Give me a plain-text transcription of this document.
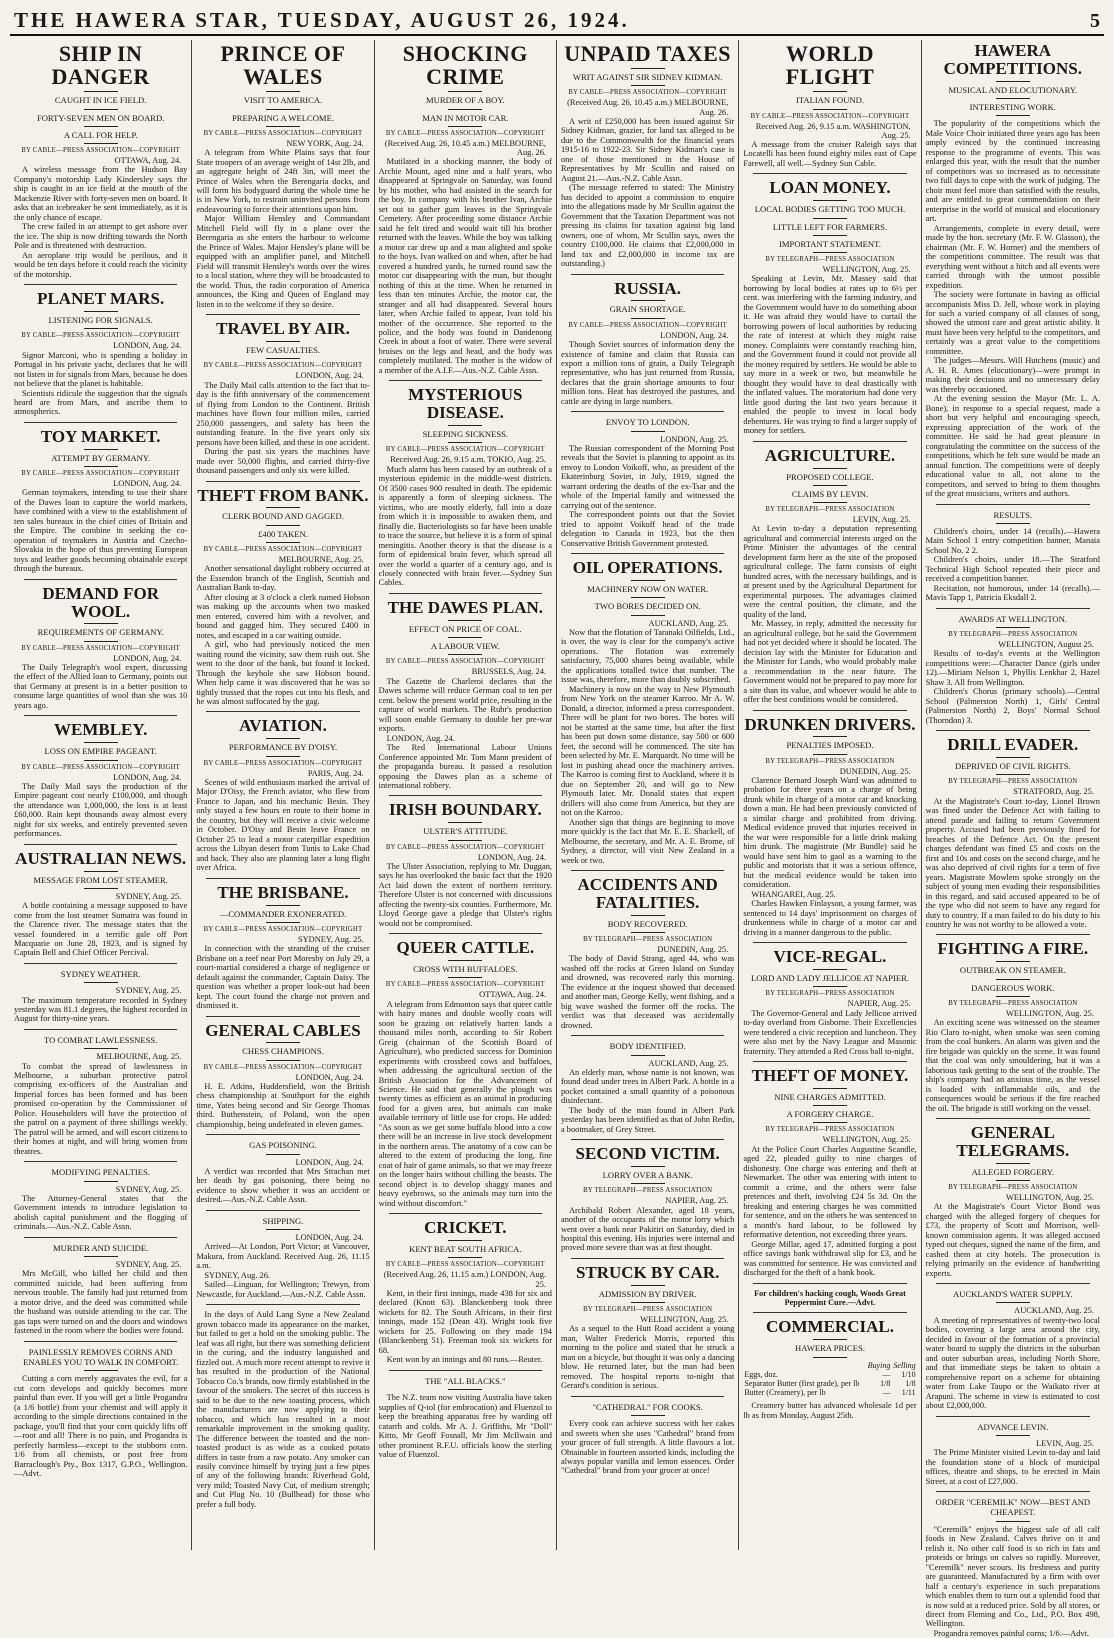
THE HAWERA STAR, TUESDAY, AUGUST 26, 1924.	5
SHIP IN DANGER
CAUGHT IN ICE FIELD.
FORTY-SEVEN MEN ON BOARD.
A CALL FOR HELP.
BY CABLE—PRESS ASSOCIATION—COPYRIGHT
OTTAWA, Aug. 24.

A wireless message from the Hudson Bay Company's motorship Lady Kindersley says the ship is caught in an ice field at the mouth of the Mackenzie River with forty-seven men on board. It asks that an icebreaker be sent immediately, as it is the only chance of escape.

The crew failed in an attempt to get ashore over the ice. The ship is now drifting towards the North Pole and is threatened with destruction.

An aeroplane trip would be perilous, and it would be ten days before it could reach the vicinity of the motorship.

PLANET MARS.
LISTENING FOR SIGNALS.
BY CABLE—PRESS ASSOCIATION—COPYRIGHT
LONDON, Aug. 24.

Signor Marconi, who is spending a holiday in Portugal in his private yacht, declares that he will not listen in for signals from Mars, because he does not believe that the planet is habitable.

Scientists ridicule the suggestion that the signals heard are from Mars, and ascribe them to atmospherics.

TOY MARKET.
ATTEMPT BY GERMANY.
BY CABLE—PRESS ASSOCIATION—COPYRIGHT
LONDON, Aug. 24.

German toymakers, intending to use their share of the Dawes loan to capture the world markets, have combined with a view to the establishment of ten sales bureaux in the chief cities of Britain and the Empire. The combine in seeking the co-operation of toymakers in Austria and Czecho-Slovakia in the hope of thus preventing European toys and leather goods becoming obtainable except through the bureaux.

DEMAND FOR WOOL.
REQUIREMENTS OF GERMANY.
BY CABLE—PRESS ASSOCIATION—COPYRIGHT
LONDON, Aug. 24.

The Daily Telegraph's wool expert, discussing the effect of the Allied loan to Germany, points out that Germany at present is in a better position to consume large quantities of wool than she was 10 years ago.

WEMBLEY.
LOSS ON EMPIRE PAGEANT.
BY CABLE—PRESS ASSOCIATION—COPYRIGHT
LONDON, Aug. 24.

The Daily Mail says the production of the Empire pageant cost nearly £100,000, and though the attendance was 1,000,000, the loss is at least £60,000. Rain kept thousands away almost every night for six weeks, and entirely prevented seven performances.

AUSTRALIAN NEWS.
MESSAGE FROM LOST STEAMER.
SYDNEY, Aug. 25.

A bottle containing a message supposed to have come from the lost steamer Sumatra was found in the Clarence river. The message states that the vessel foundered in a terrific gale off Port Macquarie on June 28, 1923, and is signed by Captain Bell and Chief Officer Percival.

SYDNEY WEATHER.
SYDNEY, Aug. 25.

The maximum temperature recorded in Sydney yesterday was 81.1 degrees, the highest recorded in August for thirty-nine years.

TO COMBAT LAWLESSNESS.
MELBOURNE, Aug. 25.

To combat the spread of lawlessness in Melbourne, a suburban protective patrol comprising ex-officers of the Australian and Imperial forces has been formed and has been promised co-operation by the Commissioner of Police. Householders will have the protection of the patrol on a payment of three shillings weekly. The patrol will be armed, and will escort citizens to their homes at night, and will bring women from theatres.

MODIFYING PENALTIES.
SYDNEY, Aug. 25.

The Attorney-General states that the Government intends to introduce legislation to abolish capital punishment and the flogging of criminals.—Aus.-N.Z. Cable Assn.

MURDER AND SUICIDE.
SYDNEY, Aug. 25.

Mrs McGill, who killed her child and then committed suicide, had been suffering from nervous trouble. The family had just returned from a motor drive, and the deed was committed while the husband was outside attending to the car. The gas taps were turned on and the doors and windows fastened in the room where the bodies were found.

PAINLESSLY REMOVES CORNS AND ENABLES YOU TO WALK IN COMFORT.

Cutting a corn merely aggravates the evil, for a cut corn develops and quickly becomes more painful than ever. If you will get a little Progandra (a 1/6 bottle) from your chemist and will apply it according to the simple directions contained in the package, you'll find that your corn quickly lifts off—root and all! There is no pain, and Progandra is perfectly harmless—except to the stubborn corn. 1/6 from all chemists, or post free from Barraclough's Pty., Box 1317, G.P.O., Wellington.—Advt.

PRINCE OF WALES
VISIT TO AMERICA.
PREPARING A WELCOME.
BY CABLE—PRESS ASSOCIATION—COPYRIGHT
NEW YORK, Aug. 24.

A telegram from White Plains says that four State troopers of an average weight of 14st 2lb, and an aggregate height of 24ft 3in, will meet the Prince of Wales when the Berengaria docks, and will form his bodyguard during the whole time he is in New York, to restrain uninvited persons from endeavouring to force their attentions upon him.

Major William Hensley and Commandant Mitchell Field will fly in a plane over the Berengaria as she enters the harbour to welcome the Prince of Wales. Major Hensley's plane will be equipped with an amplifier panel, and Mitchell Field will transmit Hensley's words over the wires to a local station, where they will be broadcasted to the world. Thus, the radio corporation of America announces, the King and Queen of England may listen in to the welcome if they so desire.

TRAVEL BY AIR.
FEW CASUALTIES.
BY CABLE—PRESS ASSOCIATION—COPYRIGHT
LONDON, Aug. 24.

The Daily Mail calls attention to the fact that to-day is the fifth anniversary of the commencement of flying from London to the Continent. British machines have flown four million miles, carried 250,000 passengers, and safety has been the outstanding feature. In the five years only six persons have been killed, and these in one accident.

During the past six years the machines have made over 50,000 flights, and carried thirty-five thousand passengers and only six were killed.

THEFT FROM BANK.
CLERK BOUND AND GAGGED.
£400 TAKEN.
BY CABLE—PRESS ASSOCIATION—COPYRIGHT
MELBOURNE, Aug. 25.

Another sensational daylight robbery occurred at the Essendon branch of the English, Scottish and Australian Bank to-day.

After closing at 3 o'clock a clerk named Hobson was making up the accounts when two masked men entered, covered him with a revolver, and bound and gagged him. They secured £400 in notes, and escaped in a car waiting outside.

A girl, who had previously noticed the men waiting round the vicinity, saw them rush out. She went to the door of the bank, but found it locked. Through the keyhole she saw Hobson bound. When help came it was discovered that he was so tightly trussed that the ropes cut into his flesh, and he was almost suffocated by the gag.

AVIATION.
PERFORMANCE BY D'OISY.
BY CABLE—PRESS ASSOCIATION—COPYRIGHT
PARIS, Aug. 24.

Scenes of wild enthusiasm marked the arrival of Major D'Oisy, the French aviator, who flew from France to Japan, and his mechanic Besin. They only stayed a few hours en route to their home in the country, but they will receive a civic welcome in October. D'Oisy and Besin leave France on October 25 to lead a motor caterpillar expedition across the Libyan desert from Tunis to Lake Chad and back. They also are planning later a long flight over Africa.

THE BRISBANE.
—COMMANDER EXONERATED.
BY CABLE—PRESS ASSOCIATION—COPYRIGHT
SYDNEY, Aug. 25.

In connection with the stranding of the cruiser Brisbane on a reef near Port Moresby on July 29, a court-martial considered a charge of negligence or default against the commander, Captain Daisy. The question was whether a proper look-out had been kept. The court found the charge not proven and dismissed it.

GENERAL CABLES
CHESS CHAMPIONS.
BY CABLE—PRESS ASSOCIATION—COPYRIGHT
LONDON, Aug. 24.

H. E. Atkins, Huddersfield, won the British chess championship at Southport for the eighth time, Yates being second and Sir George Thomas third. Buthenstein, of Poland, won the open championship, being undefeated in eleven games.

GAS POISONING.
LONDON, Aug. 24.

A verdict was recorded that Mrs Strachan met her death by gas poisoning, there being no evidence to show whether it was an accident or desired.—Aus.-N.Z. Cable Assn.

SHIPPING.
LONDON, Aug. 24.

Arrived—At London, Port Victor; at Vancouver, Makura, from Auckland. Received Aug. 26, 11.15 a.m.

SYDNEY, Aug. 26.

Sailed—Linguan, for Wellington; Trewyn, from Newcastle, for Auckland.—Aus.-N.Z. Cable Assn.

In the days of Auld Lang Syne a New Zealand grown tobacco made its appearance on the market, but failed to get a hold on the smoking public. The leaf was all right, but there was something deficient in the curing, and the industry languished and fizzled out. A much more recent attempt to revive it has resulted in the production of the National Tobacco Co.'s brands, now firmly established in the favour of the smokers. The secret of this success is said to be due to the new toasting process, which the manufacturers are now applying to their tobacco, and which has resulted in a most remarkable improvement in the smoking quality. The difference between the toasted and the non-toasted product is as wide as a cooked potato differs in taste from a raw potato. Any smoker can easily convince himself by trying just a few pipes of any of the following brands: Riverhead Gold, very mild; Toasted Navy Cut, of medium strength; and Cut Plug No. 10 (Bullhead) for those who prefer a full body.

SHOCKING CRIME
MURDER OF A BOY.
MAN IN MOTOR CAR.
BY CABLE—PRESS ASSOCIATION—COPYRIGHT
(Received Aug. 26, 10.45 a.m.) MELBOURNE, Aug. 26.

Mutilated in a shocking manner, the body of Archie Mount, aged nine and a half years, who disappeared at Springvale on Saturday, was found by his mother, who had assisted in the search for the boy. In company with his brother Ivan, Archie set out to gather gum leaves in the Springvale Cemetery. After proceeding some distance Archie said he felt tired and would wait till his brother returned with the leaves. While the boy was talking a motor car drew up and a man alighted and spoke to the boys. Ivan walked on and when, after he had covered a hundred yards, he turned round saw the motor car disappearing with the man, but thought nothing of this at the time. When he returned in less than ten minutes Archie, the motor car, the stranger and all had disappeared. Several hours later, when Archie failed to appear, Ivan told his mother of the occurrence. She reported to the police, and the body was found in Dandenong Creek in about a foot of water. There were several bruises on the legs and head, and the body was completely mutilated. The mother is the widow of a member of the A.I.F.—Aus.-N.Z. Cable Assn.

MYSTERIOUS DISEASE.
SLEEPING SICKNESS.
BY CABLE—PRESS ASSOCIATION—COPYRIGHT
Received Aug. 26, 9.15 a.m. TOKIO, Aug. 25.

Much alarm has been caused by an outbreak of a mysterious epidemic in the middle-west districts. Of 3500 cases 900 resulted in death. The epidemic is apparently a form of sleeping sickness. The victims, who are mostly elderly, fall into a doze from which it is impossible to awaken them, and finally die. Bacteriologists so far have been unable to trace the source, but believe it is a form of spinal meningitis. Another theory is that the disease is a form of epidemical brain fever, which spread all over the world a quarter of a century ago, and is closely connected with brain fever.—Sydney Sun Cables.

THE DAWES PLAN.
EFFECT ON PRICE OF COAL.
A LABOUR VIEW.
BY CABLE—PRESS ASSOCIATION—COPYRIGHT
BRUSSELS, Aug. 24.

The Gazette de Charleroi declares that the Dawes scheme will reduce German coal to ten per cent. below the present world price, resulting in the capture of world markets. The Ruhr's production will soon enable Germany to double her pre-war exports.

LONDON, Aug. 24.

The Red International Labour Unions Conference appointed Mr. Tom Mann president of the propaganda bureau. It passed a resolution opposing the Dawes plan as a scheme of international robbery.

IRISH BOUNDARY.
ULSTER'S ATTITUDE.
BY CABLE—PRESS ASSOCIATION—COPYRIGHT
LONDON, Aug. 24.

The Ulster Association, replying to Mr. Duggan, says he has overlooked the basic fact that the 1920 Act laid down the extent of northern territory. Therefore Ulster is not concerned with discussions affecting the twenty-six counties. Furthermore, Mr. Lloyd George gave a pledge that Ulster's rights would not be compromised.

QUEER CATTLE.
CROSS WITH BUFFALOES.
BY CABLE—PRESS ASSOCIATION—COPYRIGHT
OTTAWA, Aug. 24.

A telegram from Edmonton says that queer cattle with hairy manes and double woolly coats will soon be grazing on relatively barren lands a thousand miles north, according to Sir Robert Greig (chairman of the Scottish Board of Agriculture), who predicted success for Dominion experiments with crossbred cows and buffaloes, when addressing the agricultural section of the British Association for the Advancement of Science. He said that generally the plough was twenty times as efficient as an animal in producing food for a given area, but animals can make available territory of little use for crops. He added: "As soon as we get some buffalo blood into a cow there will be an increase in live stock development in the northern areas. The anatomy of a cow can be altered to the extent of producing the long, fine coat of hair of game animals, so that we may freeze on the longer hairs without chilling the beasts. The second object is to develop shaggy manes and heavy eyebrows, so the animals may turn into the wind without discomfort."

CRICKET.
KENT BEAT SOUTH AFRICA.
BY CABLE—PRESS ASSOCIATION—COPYRIGHT
(Received Aug. 26, 11.15 a.m.) LONDON, Aug. 25.

Kent, in their first innings, made 438 for six and declared (Knott 63). Blanckenberg took three wickets for 82. The South Africans, in their first innings, made 152 (Dean 43). Wright took five wickets for 25. Following on they made 194 (Blanckenberg 51). Freeman took six wickets for 68.

Kent won by an innings and 80 runs.—Reuter.

THE "ALL BLACKS."

The N.Z. team now visiting Australia have taken supplies of Q-tol (for embrocation) and Fluenzol to keep the breathing apparatus free by warding off catarrh and colds. Mr A. J. Griffiths, Mr "Doll" Kitto, Mr Geoff Fosnall, Mr Jim McIlwain and other prominent R.F.U. officials know the sterling value of Fluenzol.

UNPAID TAXES
WRIT AGAINST SIR SIDNEY KIDMAN.
BY CABLE—PRESS ASSOCIATION—COPYRIGHT
(Received Aug. 26, 10.45 a.m.) MELBOURNE, Aug. 26.

A writ of £250,000 has been issued against Sir Sidney Kidman, grazier, for land tax alleged to be due to the Commonwealth for the financial years 1915-16 to 1922-23. Sir Sidney Kidman's case is one of those mentioned in the House of Representatives by Mr Scullin and raised on August 21.—Aus.-N.Z. Cable Assn.

(The message referred to stated: The Ministry has decided to appoint a commission to enquire into the allegations made by Mr Scullin against the Government that the Taxation Department was not pressing its claims for taxation against big land owners, one of whom, Mr Scullin says, owes the country £100,000. He claims that £2,000,000 in land tax and £2,000,000 in income tax are outstanding.)

RUSSIA.
GRAIN SHORTAGE.
BY CABLE—PRESS ASSOCIATION—COPYRIGHT
LONDON, Aug. 24.

Though Soviet sources of information deny the existence of famine and claim that Russia can export a million tons of grain, a Daily Telegraph representative, who has just returned from Russia, declares that the grain shortage amounts to four million tons. Heat has destroyed the pastures, and cattle are dying in large numbers.

ENVOY TO LONDON.
LONDON, Aug. 25.

The Russian correspondent of the Morning Post reveals that the Soviet is planning to appoint as its envoy to London Voikoff, who, as president of the Ekaterinburg Soviet, in July, 1919, signed the warrant ordering the deaths of the ex-Tsar and the whole of the Imperial family and witnessed the carrying out of the sentence.

The correspondent points out that the Soviet tried to appoint Voikoff head of the trade delegation to Canada in 1923, but the then Conservative British Government protested.

OIL OPERATIONS.
MACHINERY NOW ON WATER.
TWO BORES DECIDED ON.
AUCKLAND, Aug. 25.

Now that the flotation of Taranaki Oilfields, Ltd., is over, the way is clear for the company's active operations. The flotation was extremely satisfactory, 75,000 shares being available, while the applications totalled twice that number. The issue was, therefore, more than doubly subscribed.

Machinery is now on the way to New Plymouth from New York on the steamer Karroo. Mr A. W. Donald, a director, informed a press correspondent. There will be plant for two bores. The bores will not be started at the same time, but after the first has been put down some distance, say 500 or 600 feet, the second will be commenced. The site has been selected by Mr. E. Marquardt. No time will be lost in pushing ahead once the machinery arrives. The Karroo is coming first to Auckland, where it is due on September 20, and will go to New Plymouth later. Mr. Donald states that expert drillers will also come from America, but they are not on the Karroo.

Another sign that things are beginning to move more quickly is the fact that Mr. E. E. Shackell, of Melbourne, the secretary, and Mr. A. E. Brome, of Sydney, a director, will visit New Zealand in a week or two.

ACCIDENTS AND FATALITIES.
BODY RECOVERED.
BY TELEGRAPH—PRESS ASSOCIATION
DUNEDIN, Aug. 25.

The body of David Strang, aged 44, who was washed off the rocks at Green Island on Sunday and drowned, was recovered early this morning. The evidence at the inquest showed that deceased and another man, George Kelly, went fishing, and a big wave washed the former off the rocks. The verdict was that deceased was accidentally drowned.

BODY IDENTIFIED.
AUCKLAND, Aug. 25.

An elderly man, whose name is not known, was found dead under trees in Albert Park. A bottle in a pocket contained a small quantity of a poisonous disinfectant.

The body of the man found in Albert Park yesterday has been identified as that of John Redin, a bootmaker, of Grey Street.

SECOND VICTIM.
LORRY OVER A BANK.
BY TELEGRAPH—PRESS ASSOCIATION
NAPIER, Aug. 25.

Archibald Robert Alexander, aged 18 years, another of the occupants of the motor lorry which went over a bank near Pakitiri on Saturday, died in hospital this evening. His injuries were internal and proved more severe than was at first thought.

STRUCK BY CAR.
ADMISSION BY DRIVER.
BY TELEGRAPH—PRESS ASSOCIATION
WELLINGTON, Aug. 25.

As a sequel to the Hutt Road accident a young man, Walter Frederick Morris, reported this morning to the police and stated that he struck a man on a bicycle, but thought it was only a dancing blow. He returned later, but the man had been removed. The hospital reports to-night that Gerard's condition is serious.

"CATHEDRAL" FOR COOKS.

Every cook can achieve success with her cakes and sweets when she uses "Cathedral" brand from your grocer of full strength. A little flavours a lot. Obtainable in fourteen assorted kinds, including the always popular vanilla and lemon essences. Order "Cathedral" brand from your grocer at once!

WORLD FLIGHT
ITALIAN FOUND.
BY CABLE—PRESS ASSOCIATION—COPYRIGHT
Received Aug. 26, 9.15 a.m. WASHINGTON, Aug. 25.

A message from the cruiser Raleigh says that Locatelli has been found eighty miles east of Cape Farewell, all well.—Sydney Sun Cable.

LOAN MONEY.
LOCAL BODIES GETTING TOO MUCH.
LITTLE LEFT FOR FARMERS.
IMPORTANT STATEMENT.
BY TELEGRAPH—PRESS ASSOCIATION
WELLINGTON, Aug. 25.

Speaking at Levin, Mr. Massey said that borrowing by local bodies at rates up to 6½ per cent. was interfering with the farming industry, and the Government would have to do something about it. He was afraid they would have to curtail the borrowing powers of local authorities by reducing the rate of interest at which they might raise money. Complaints were constantly reaching him, and the Government found it could not provide all the money required by settlers. He would be able to say more in a week or two, but meanwhile he thought they would have to deal drastically with the inflated values. The moratorium had done very little good during the last two years because it enabled the people to invest in local body debentures. He was trying to find a larger supply of money for settlers.

AGRICULTURE.
PROPOSED COLLEGE.
CLAIMS BY LEVIN.
BY TELEGRAPH—PRESS ASSOCIATION
LEVIN, Aug. 25.

At Levin to-day a deputation representing agricultural and commercial interests urged on the Prime Minister the advantages of the central development farm here as the site of the proposed agricultural college. The farm consists of eight hundred acres, with the necessary buildings, and is at present used by the Agricultural Department for experimental purposes. The advantages claimed were the central position, the climate, and the quality of the land.

Mr. Massey, in reply, admitted the necessity for an agricultural college, but he said the Government had not yet decided where it should be located. The decision lay with the Minister for Education and the Minister for Lands, who would probably make a recommendation in the near future. The Government would not be prepared to pay more for a site than its value, and whoever would be able to offer the best conditions would be considered.

DRUNKEN DRIVERS.
PENALTIES IMPOSED.
BY TELEGRAPH—PRESS ASSOCIATION
DUNEDIN, Aug. 25.

Clarence Bernard Joseph Ward was admitted to probation for three years on a charge of being drunk while in charge of a motor car and knocking down a man. He had been previously convicted of a similar charge and prohibited from driving. Medical evidence proved that injuries received in the war were responsible for a little drink making him drunk. The magistrate (Mr Bundle) said he would have sent him to gaol as a warning to the public and motorists that it was a serious offence, but the medical evidence would be taken into consideration.

WHANGAREI, Aug. 25.

Charles Hawken Finlayson, a young farmer, was sentenced to 14 days' imprisonment on charges of drunkenness while in charge of a motor car and driving in a manner dangerous to the public.

VICE-REGAL.
LORD AND LADY JELLICOE AT NAPIER.
BY TELEGRAPH—PRESS ASSOCIATION
NAPIER, Aug. 25.

The Governor-General and Lady Jellicoe arrived to-day overland from Gisborne. Their Excellencies were tendered a civic reception and luncheon. They were also met by the Navy League and Masonic fraternity. They attended a Red Cross ball to-night.

THEFT OF MONEY.
NINE CHARGES ADMITTED.
A FORGERY CHARGE.
BY TELEGRAPH—PRESS ASSOCIATION
WELLINGTON, Aug. 25.

At the Police Court Charles Augustine Scandle, aged 22, pleaded guilty to nine charges of dishonesty. One charge was entering and theft at Newmarket. The other was entering with intent to commit a crime, and the others were false pretences and theft, involving £24 5s 3d. On the breaking and entering charges he was committed for sentence, and on the others he was sentenced to a month's hard labour, to be followed by reformative detention, not exceeding three years.

George Millar, aged 17, admitted forging a post office savings bank withdrawal slip for £3, and he was committed for sentence. He was convicted and discharged for the theft of a bank book.

For children's hacking cough, Woods Great Peppermint Cure.—Advt.
COMMERCIAL.
HAWERA PRICES.
	Buying	Selling
Eggs, doz.	—	1/10
Separator Butter (first grade), per lb	1/8	1/8
Butter (Creamery), per lb	—	1/11

Creamery butter has advanced wholesale 1d per lb as from Monday, August 25th.

HAWERA COMPETITIONS.
MUSICAL AND ELOCUTIONARY.
INTERESTING WORK.

The popularity of the competitions which the Male Voice Choir initiated three years ago has been amply evinced by the continued increasing response to the programme of events. This was enlarged this year, with the result that the number of competitors was so increased as to necessitate two full days to cope with the work of judging. The choir must feel more than satisfied with the results, and are entitled to great commendation on their enterprise in the world of musical and elocutionary art.

Arrangements, complete in every detail, were made by the hon. secretary (Mr. F. W. Glasson), the chairman (Mr. F. W. Horner) and the members of the competitions committee. The result was that everything went without a hitch and all events were carried through with the utmost possible expedition.

The society were fortunate in having as official accompanists Miss D. Jell, whose work in playing for such a varied company of all classes of song, showed the utmost care and great artistic ability. It must have been very helpful to the competitors, and certainly was a great value to the competitions committee.

The judges—Messrs. Will Hutchens (music) and A. H. R. Ames (elocutionary)—were prompt in making their decisions and no unnecessary delay was thereby occasioned.

At the evening session the Mayor (Mr. L. A. Bone), in response to a special request, made a short but very helpful and encouraging speech, expressing appreciation of the work of the committee. He said he had great pleasure in congratulating the committee on the success of the competitions, which he felt sure would be made an annual function. The competitions were of deeply educational value to all, not alone to the competitors, and served to bring to them thoughts of the great musicians, writers and authors.

RESULTS.

Children's choirs, under 14 (recalls).—Hawera Main School 1 entry competition banner, Manaia School No. 2 2.

Children's choirs, under 18.—The Stratford Technical High School repeated their piece and received a competition banner.

Recitation, not humorous, under 14 (recalls).—Mavis Tapp 1, Patricia Eksdall 2.

AWARDS AT WELLINGTON.
BY TELEGRAPH—PRESS ASSOCIATION
WELLINGTON, August 25.

Results of to-day's events at the Wellington competitions were:—Character Dance (girls under 12).—Miriam Nelson 1, Phyllis Lenkhar 2, Hazel Shaw 3. All from Wellington.

Children's Chorus (primary schools).—Central School (Palmerston North) 1, Girls' Central (Palmerston North) 2, Boys' Normal School (Thorndon) 3.

DRILL EVADER.
DEPRIVED OF CIVIL RIGHTS.
BY TELEGRAPH—PRESS ASSOCIATION
STRATFORD, Aug. 25.

At the Magistrate's Court to-day, Lionel Brown was fined under the Defence Act with failing to attend parade and failing to return Government property. Accused had been previously fined for breaches of the Defence Act. On the present charges defendant was fined £5 and costs on the first and 10s and costs on the second charge, and he was also deprived of civil rights for a term of five years. Magistrate Mowlem spoke strongly on the subject of young men evading their responsibilities in this regard, and said accused appeared to be of the type who did not seem to have any regard for duty to country. If a man failed to do his duty to his country he was not worthy to be allowed a vote.

FIGHTING A FIRE.
OUTBREAK ON STEAMER.
DANGEROUS WORK.
BY TELEGRAPH—PRESS ASSOCIATION
WELLINGTON, Aug. 25.

An exciting scene was witnessed on the steamer Rio Claro to-night, when smoke was seen coming from the coal bunkers. An alarm was given and the fire brigade was quickly on the scene. It was found that the coal was only smouldering, but it was a laborious task getting to the seat of the trouble. The ship's company had an anxious time, as the vessel is loaded with inflammable oils, and the consequences would be serious if the fire reached the oil. The brigade is still working on the vessel.

GENERAL TELEGRAMS.
ALLEGED FORGERY.
BY TELEGRAPH—PRESS ASSOCIATION
WELLINGTON, Aug. 25.

At the Magistrate's Court Victor Bond was charged with the alleged forgery of cheques for £73, the property of Scott and Morrison, well-known commission agents. It was alleged accused typed out cheques, signed the name of the firm, and cashed them at city hotels. The prosecution is relying primarily on the evidence of handwriting experts.

AUCKLAND'S WATER SUPPLY.
AUCKLAND, Aug. 25.

A meeting of representatives of twenty-two local bodies, covering a large area around the city, decided in favour of the formation of a provincial water board to supply the districts in the suburban and outer suburban areas, including North Shore, and that immediate steps be taken to obtain a comprehensive report on a scheme for obtaining water from Lake Taupo or the Waikato river at Arapuni. The scheme in view is estimated to cost about £2,000,000.

ADVANCE LEVIN.
LEVIN, Aug. 25.

The Prime Minister visited Levin to-day and laid the foundation stone of a block of municipal offices, theatre and shops, to be erected in Main Street, at a cost of £27,000.

ORDER "CEREMILK" NOW—BEST AND CHEAPEST.

"Ceremilk" enjoys the biggest sale of all calf foods in New Zealand. Calves thrive on it and relish it. No other calf food is so rich in fats and proteids or brings on calves so rapidly. Moreover, "Ceremilk" never scours. Its freshness and purity are guaranteed. Manufactured by a firm with over half a century's experience in such preparations which enables them to turn out a splendid food that is now sold at a reduced price. Sold by all stores, or direct from Fleming and Co., Ltd., P.O. Box 498, Wellington.

Progandra removes painful corns; 1/6.—Advt.
